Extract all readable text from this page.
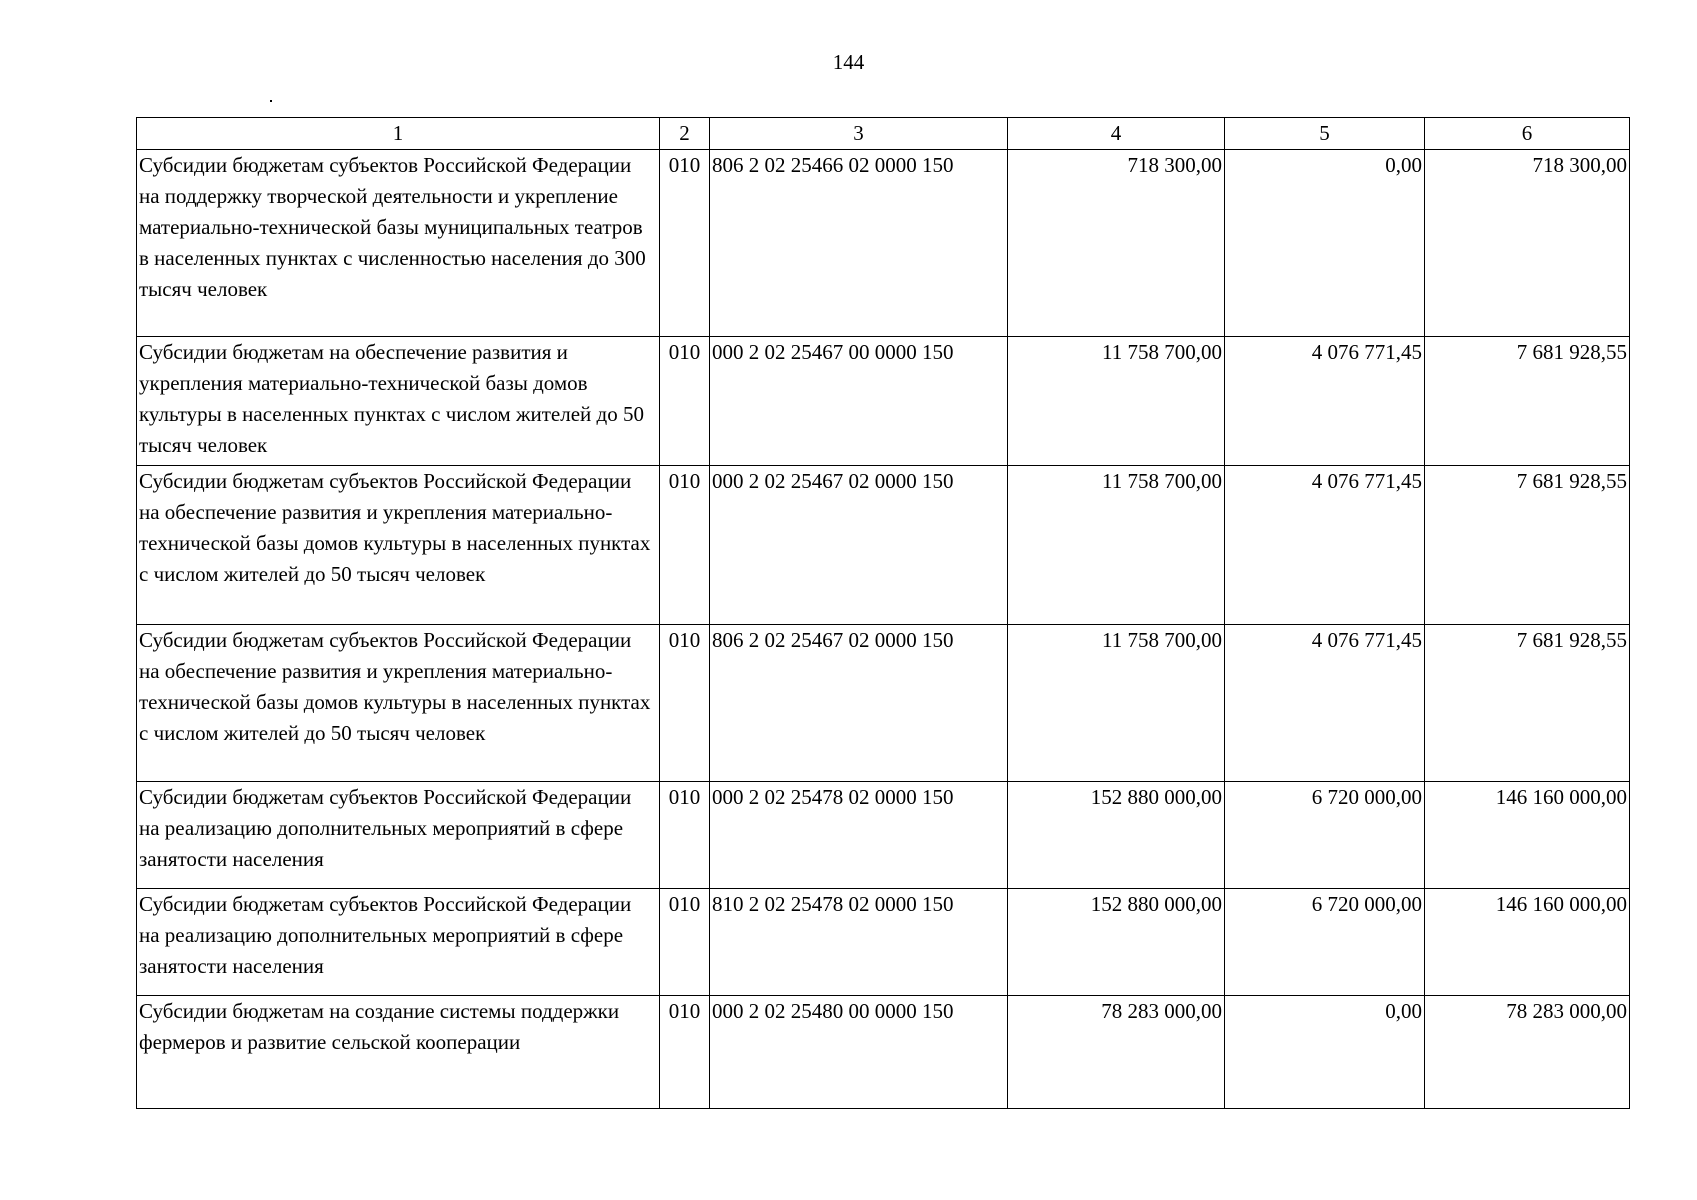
144
1	2	3	4	5	6
Субсидии бюджетам субъектов Российской Федерации на поддержку творческой деятельности и укрепление материально-технической базы муниципальных театров в населенных пунктах с численностью населения до 300 тысяч человек	010	806 2 02 25466 02 0000 150	718 300,00	0,00	718 300,00
Субсидии бюджетам на обеспечение развития и укрепления материально-технической базы домов культуры в населенных пунктах с числом жителей до 50 тысяч человек	010	000 2 02 25467 00 0000 150	11 758 700,00	4 076 771,45	7 681 928,55
Субсидии бюджетам субъектов Российской Федерации на обеспечение развития и укрепления материально-технической базы домов культуры в населенных пунктах с числом жителей до 50 тысяч человек	010	000 2 02 25467 02 0000 150	11 758 700,00	4 076 771,45	7 681 928,55
Субсидии бюджетам субъектов Российской Федерации на обеспечение развития и укрепления материально-технической базы домов культуры в населенных пунктах с числом жителей до 50 тысяч человек	010	806 2 02 25467 02 0000 150	11 758 700,00	4 076 771,45	7 681 928,55
Субсидии бюджетам субъектов Российской Федерации на реализацию дополнительных мероприятий в сфере занятости населения	010	000 2 02 25478 02 0000 150	152 880 000,00	6 720 000,00	146 160 000,00
Субсидии бюджетам субъектов Российской Федерации на реализацию дополнительных мероприятий в сфере занятости населения	010	810 2 02 25478 02 0000 150	152 880 000,00	6 720 000,00	146 160 000,00
Субсидии бюджетам на создание системы поддержки фермеров и развитие сельской кооперации	010	000 2 02 25480 00 0000 150	78 283 000,00	0,00	78 283 000,00
